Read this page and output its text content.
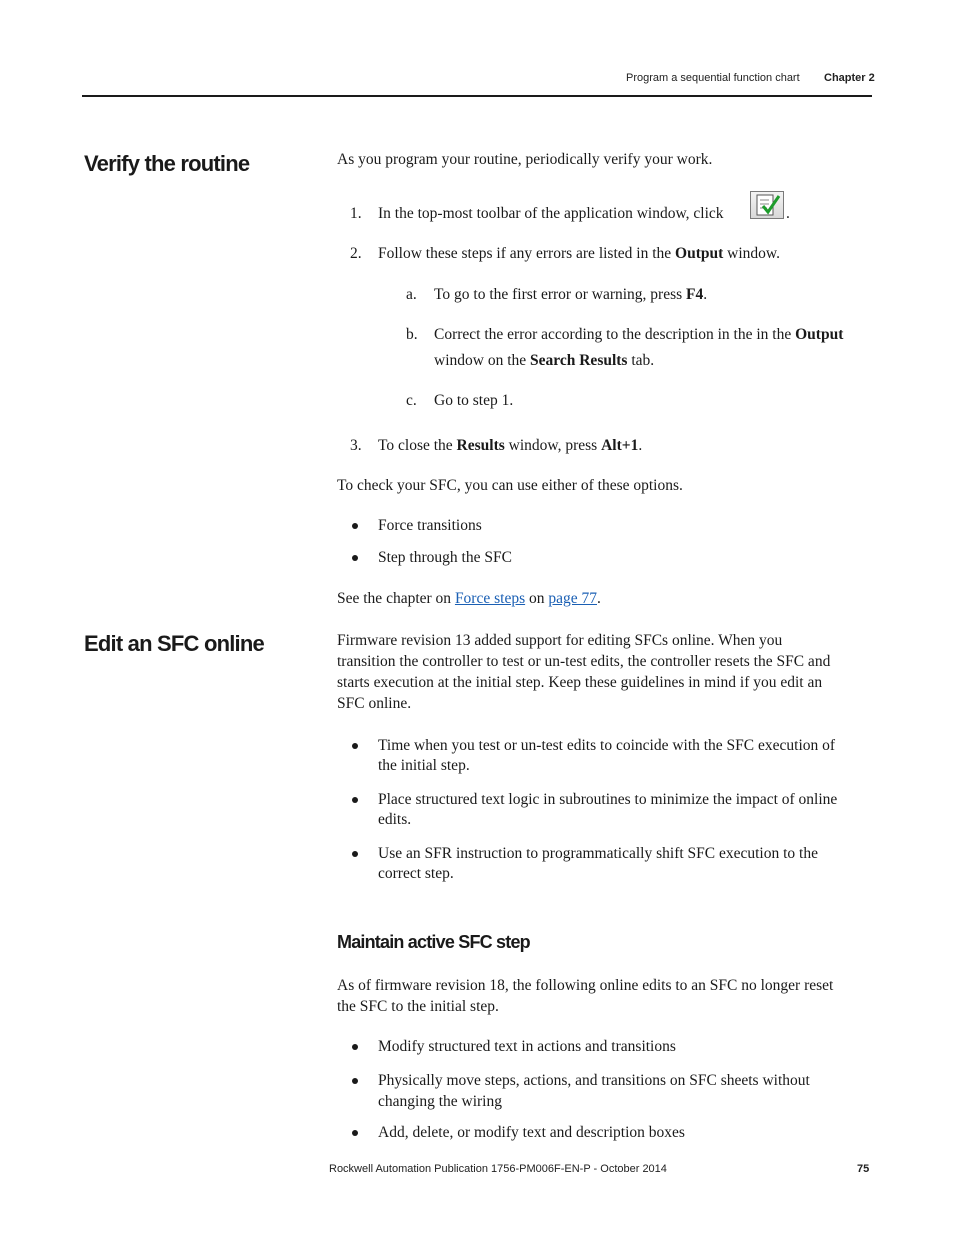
Program a sequential function chart Chapter 2
Verify the routine	As you program your routine, periodically verify your work.
1. In the top-most toolbar of the application window, click	.
2. Follow these steps if any errors are listed in the Output window.
a. To go to the first error or warning, press F4.
b. Correct the error according to the description in the in the Output
window on the Search Results tab.
c. Go to step 1.
3. To close the Results window, press Alt+1.
To check your SFC, you can use either of these options.
Force transitions
Step through the SFC
See the chapter on Force steps on page 77.
Edit an SFC online	Firmware revision 13 added support for editing SFCs online. When you
transition the controller to test or un-test edits, the controller resets the SFC and
starts execution at the initial step. Keep these guidelines in mind if you edit an
SFC online.
Time when you test or un-test edits to coincide with the SFC execution of
the initial step.
Place structured text logic in subroutines to minimize the impact of online
edits.
Use an SFR instruction to programmatically shift SFC execution to the
correct step.
Maintain active SFC step
As of firmware revision 18, the following online edits to an SFC no longer reset
the SFC to the initial step.
Modify structured text in actions and transitions
Physically move steps, actions, and transitions on SFC sheets without
changing the wiring
Add, delete, or modify text and description boxes
Rockwell Automation Publication 1756-PM006F-EN-P - October 2014	75
